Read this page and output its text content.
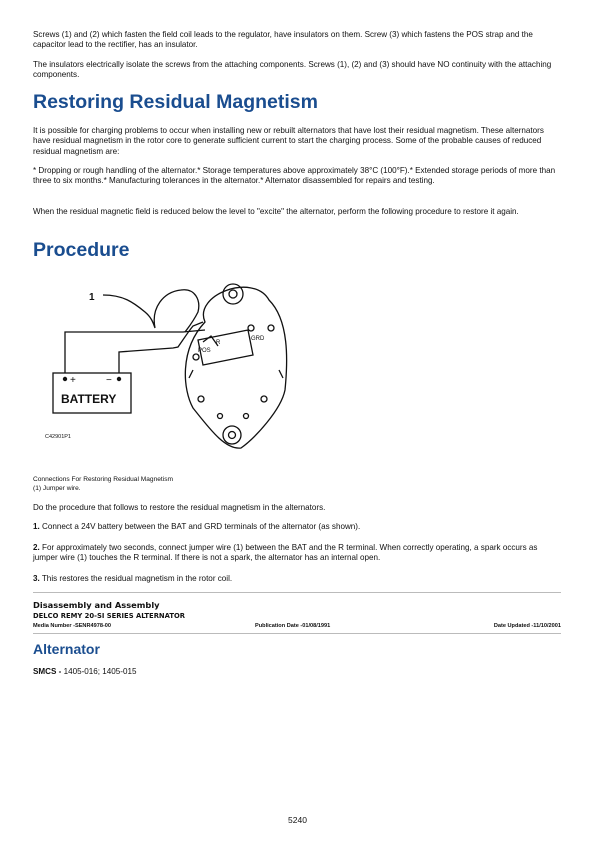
Screws (1) and (2) which fasten the field coil leads to the regulator, have insulators on them. Screw (3) which fastens the POS strap and the capacitor lead to the rectifier, has an insulator.

The insulators electrically isolate the screws from the attaching components. Screws (1), (2) and (3) should have NO continuity with the attaching components.

Restoring Residual Magnetism

It is possible for charging problems to occur when installing new or rebuilt alternators that have lost their residual magnetism. These alternators have residual magnetism in the rotor core to generate sufficient current to start the charging process. Some of the probable causes of reduced residual magnetism are:

* Dropping or rough handling of the alternator.* Storage temperatures above approximately 38°C (100°F).* Extended storage periods of more than three to six months.* Manufacturing tolerances in the alternator.* Alternator disassembled for repairs and testing.

When the residual magnetic field is reduced below the level to "excite" the alternator, perform the following procedure to restore it again.

Procedure
1
BATTERY
+	−
R
GRD
POS
C42901P1

Connections For Restoring Residual Magnetism

(1) Jumper wire.

Do the procedure that follows to restore the residual magnetism in the alternators.

1. Connect a 24V battery between the BAT and GRD terminals of the alternator (as shown).

2. For approximately two seconds, connect jumper wire (1) between the BAT and the R terminal. When correctly operating, a spark occurs as jumper wire (1) touches the R terminal. If there is not a spark, the alternator has an internal open.

3. This restores the residual magnetism in the rotor coil.

Disassembly and Assembly

DELCO REMY 20-SI SERIES ALTERNATOR

Media Number -SENR4978-00	Publication Date -01/08/1991	Date Updated -11/10/2001
Alternator

SMCS - 1405-016; 1405-015

5240
